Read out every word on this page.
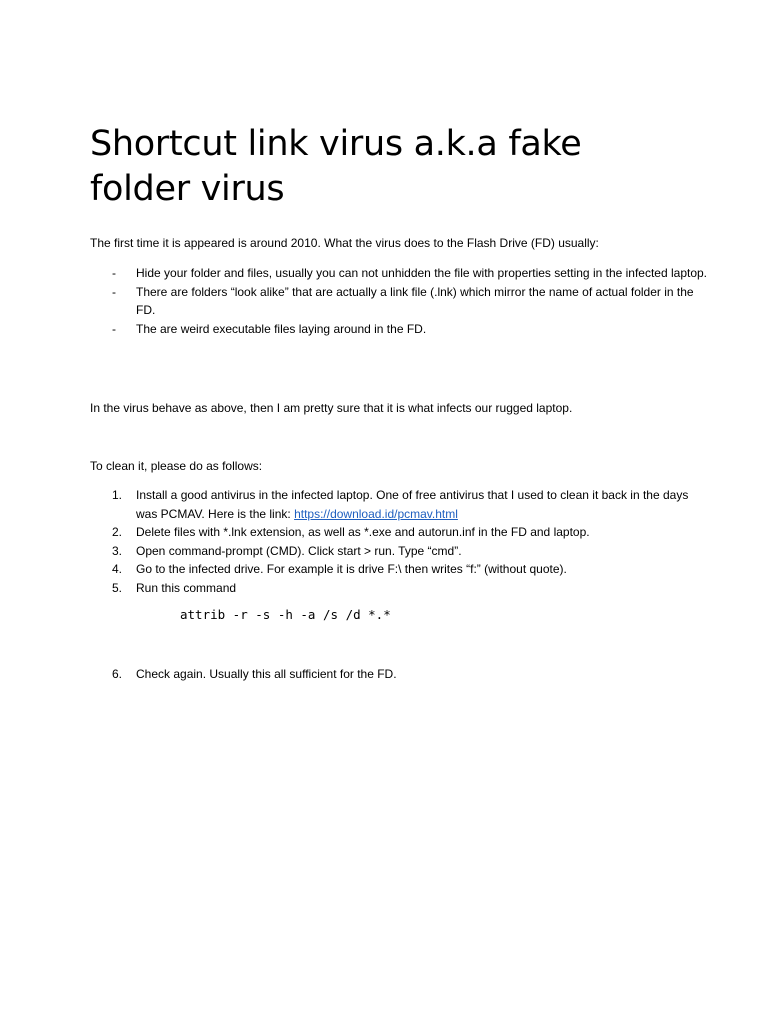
Shortcut link virus a.k.a fake folder virus

The first time it is appeared is around 2010. What the virus does to the Flash Drive (FD) usually:

- Hide your folder and files, usually you can not unhidden the file with properties setting in the infected laptop.
- There are folders “look alike” that are actually a link file (.lnk) which mirror the name of actual folder in the FD.
- The are weird executable files laying around in the FD.

In the virus behave as above, then I am pretty sure that it is what infects our rugged laptop.

To clean it, please do as follows:

1. Install a good antivirus in the infected laptop. One of free antivirus that I used to clean it back in the days was PCMAV. Here is the link: https://download.id/pcmav.html
2. Delete files with *.lnk extension, as well as *.exe and autorun.inf in the FD and laptop.
3. Open command-prompt (CMD). Click start > run. Type “cmd”.
4. Go to the infected drive. For example it is drive F:\ then writes “f:” (without quote).
5. Run this command

attrib -r -s -h -a /s /d *.*

6. Check again. Usually this all sufficient for the FD.
